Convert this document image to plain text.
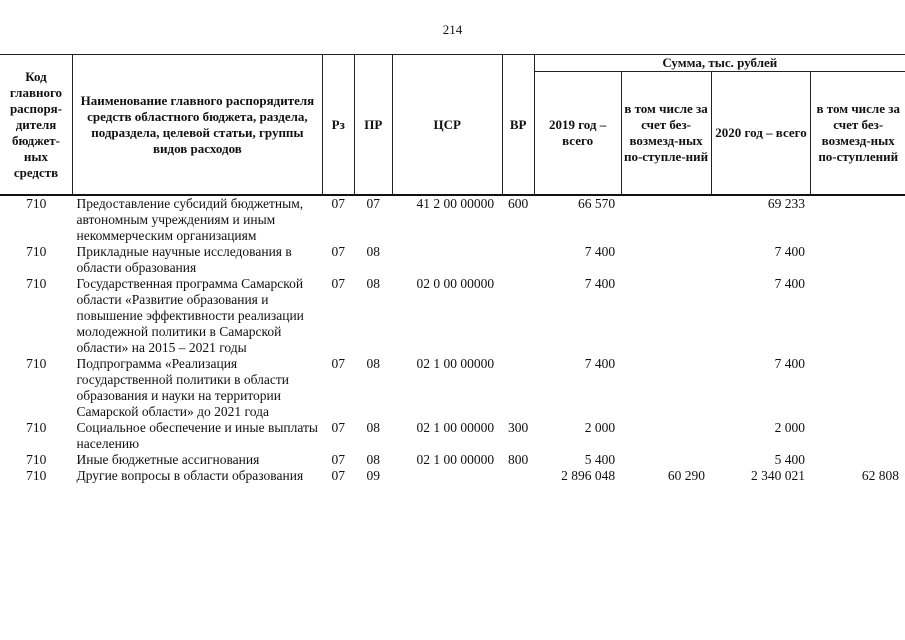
214
Код главного распоря-дителя бюджет-ных средств	Наименование главного распорядителя средств областного бюджета, раздела, подраздела, целевой статьи, группы видов расходов	Рз	ПР	ЦСР	ВР	Сумма, тыс. рублей			
						2019 год – всего	в том числе за счет без-возмезд-ных по-ступле-ний	2020 год – всего	в том числе за счет без-возмезд-ных по-ступлений
710	Предоставление субсидий бюджетным, автономным учреждениям и иным некоммерческим организациям	07	07	41 2 00 00000	600	66 570		69 233	
710	Прикладные научные исследования в области образования	07	08			7 400		7 400	
710	Государственная программа Самарской области «Развитие образования и повышение эффективности реализации молодежной политики в Самарской области» на 2015 – 2021 годы	07	08	02 0 00 00000		7 400		7 400	
710	Подпрограмма «Реализация государственной политики в области образования и науки на территории Самарской области» до 2021 года	07	08	02 1 00 00000		7 400		7 400	
710	Социальное обеспечение и иные выплаты населению	07	08	02 1 00 00000	300	2 000		2 000	
710	Иные бюджетные ассигнования	07	08	02 1 00 00000	800	5 400		5 400	
710	Другие вопросы в области образования	07	09			2 896 048	60 290	2 340 021	62 808
